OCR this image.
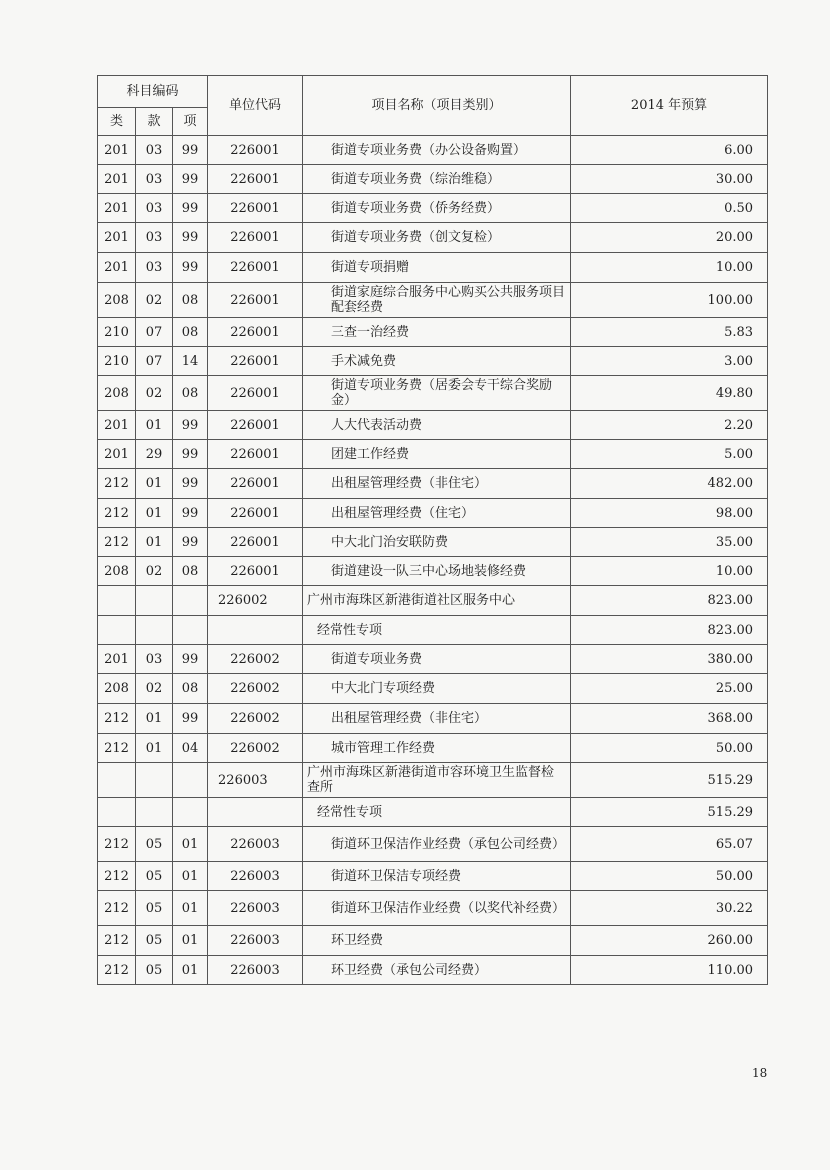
科目编码			单位代码	项目名称（项目类别）	2014 年预算
类	款	项			
201	03	99	226001	街道专项业务费（办公设备购置）	6.00
201	03	99	226001	街道专项业务费（综治维稳）	30.00
201	03	99	226001	街道专项业务费（侨务经费）	0.50
201	03	99	226001	街道专项业务费（创文复检）	20.00
201	03	99	226001	街道专项捐赠	10.00
208	02	08	226001	街道家庭综合服务中心购买公共服务项目配套经费	100.00
210	07	08	226001	三查一治经费	5.83
210	07	14	226001	手术减免费	3.00
208	02	08	226001	街道专项业务费（居委会专干综合奖励金）	49.80
201	01	99	226001	人大代表活动费	2.20
201	29	99	226001	团建工作经费	5.00
212	01	99	226001	出租屋管理经费（非住宅）	482.00
212	01	99	226001	出租屋管理经费（住宅）	98.00
212	01	99	226001	中大北门治安联防费	35.00
208	02	08	226001	街道建设一队三中心场地装修经费	10.00
			226002	广州市海珠区新港街道社区服务中心	823.00
				经常性专项	823.00
201	03	99	226002	街道专项业务费	380.00
208	02	08	226002	中大北门专项经费	25.00
212	01	99	226002	出租屋管理经费（非住宅）	368.00
212	01	04	226002	城市管理工作经费	50.00
			226003	广州市海珠区新港街道市容环境卫生监督检查所	515.29
				经常性专项	515.29
212	05	01	226003	街道环卫保洁作业经费（承包公司经费）	65.07
212	05	01	226003	街道环卫保洁专项经费	50.00
212	05	01	226003	街道环卫保洁作业经费（以奖代补经费）	30.22
212	05	01	226003	环卫经费	260.00
212	05	01	226003	环卫经费（承包公司经费）	110.00
18
